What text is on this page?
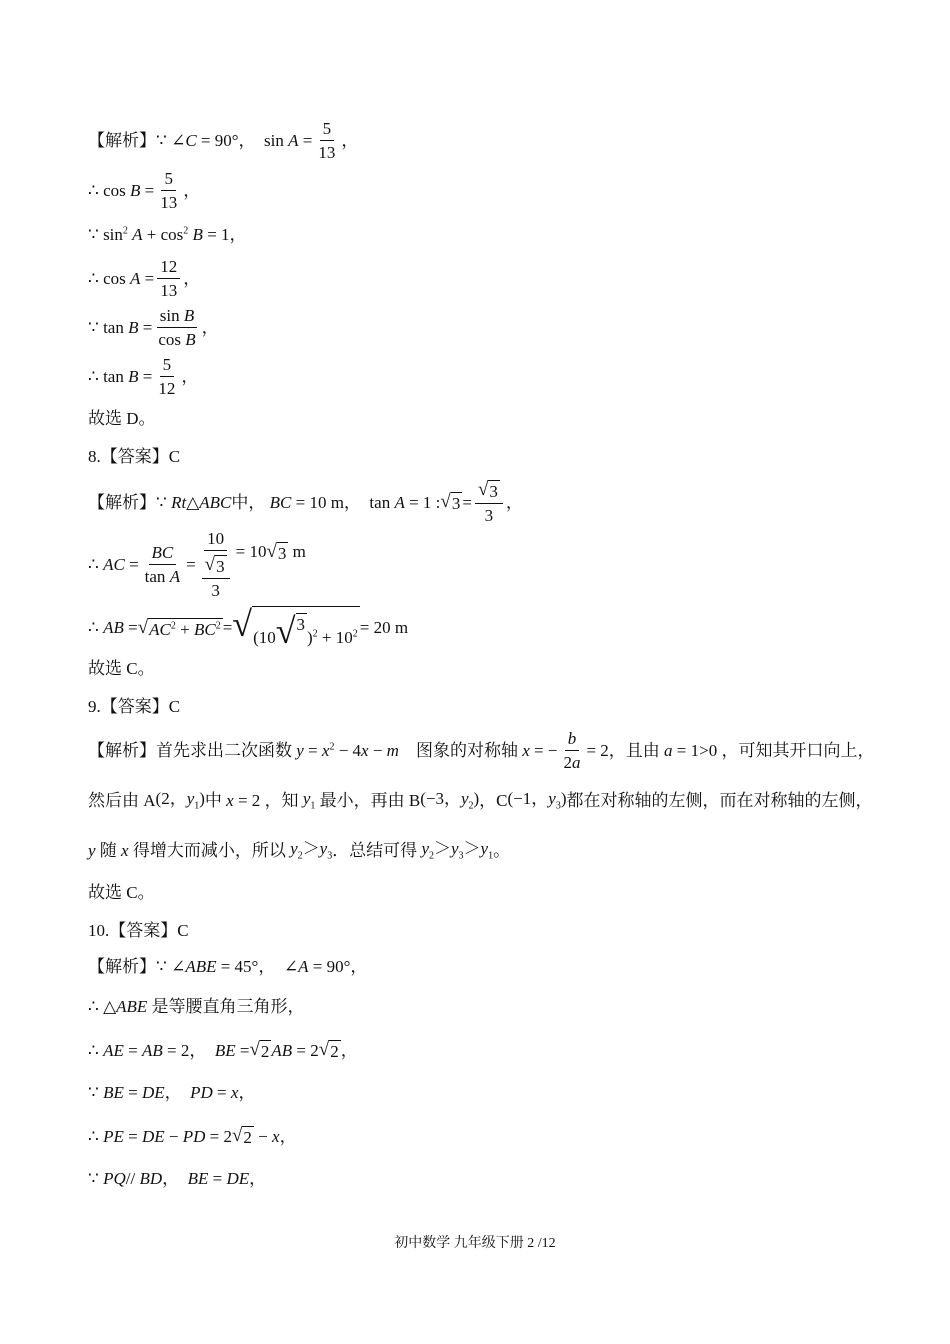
【解析】 ∵ ∠C = 90°，  $\sin A = \frac{5}{13}$ ，
∴ $\cos B = \frac{5}{13}$ ，
∵ $\sin^2 A + \cos^2 B = 1$，
∴ $\cos A = \frac{12}{13}$ ，
∵ $\tan B = \frac{\text{sin B}}{\text{cos B}}$ ，
∴ $\tan B = \frac{5}{12}$ ，
故选 D。
8. 【答案】 C
【解析】 ∵ Rt△ABC 中， BC = 10 m，  tan A = 1 : √ $3 = \frac{√ 3}{3}$ ，
∴ AC = $\frac{BC}{\text{tan A}} = \frac{10}{\frac{√ 3}{3}} = 10$ √ 3 m
∴ AB = √ $AC^2 + BC^2$ = √ (10 √ 3
)$^2 + 10^2 = 20$ m
故选 C。
9. 【答案】 C
【解析】 首先求出二次函数 $y = x^2 - 4x - m$	图象的对称轴 x = − $\frac{b}{2a} = 2$ ，且由 a = 1>0 ，可知其开口向上，
然后由 A (2，$y_1$) 中 x = 2 ，知 $y_1$ 最小，再由 B (−3，$y_2$) ，C (−1，$y_3$) 都在对称轴的左侧，而在对称轴的左侧，
y
随 x 得增大而减小，所以 $y_2>y_3$ ．总结可得 $y_2>y_3>y_1$ 。
故选 C。
10. 【答案】 C
【解析】 ∵ ∠ABE = 45°，  ∠A = 90°，
∴ △ABE 是等腰直角三角形，
∴ AE = AB = 2，  BE = √ 2 AB = 2 √ 2 ，
∵ BE = DE，  PD = x，
∴ PE = DE − PD = 2 √ 2 − x，
∵ PQ// BD，  BE = DE，
初中数学 九年级下册 2 /12
